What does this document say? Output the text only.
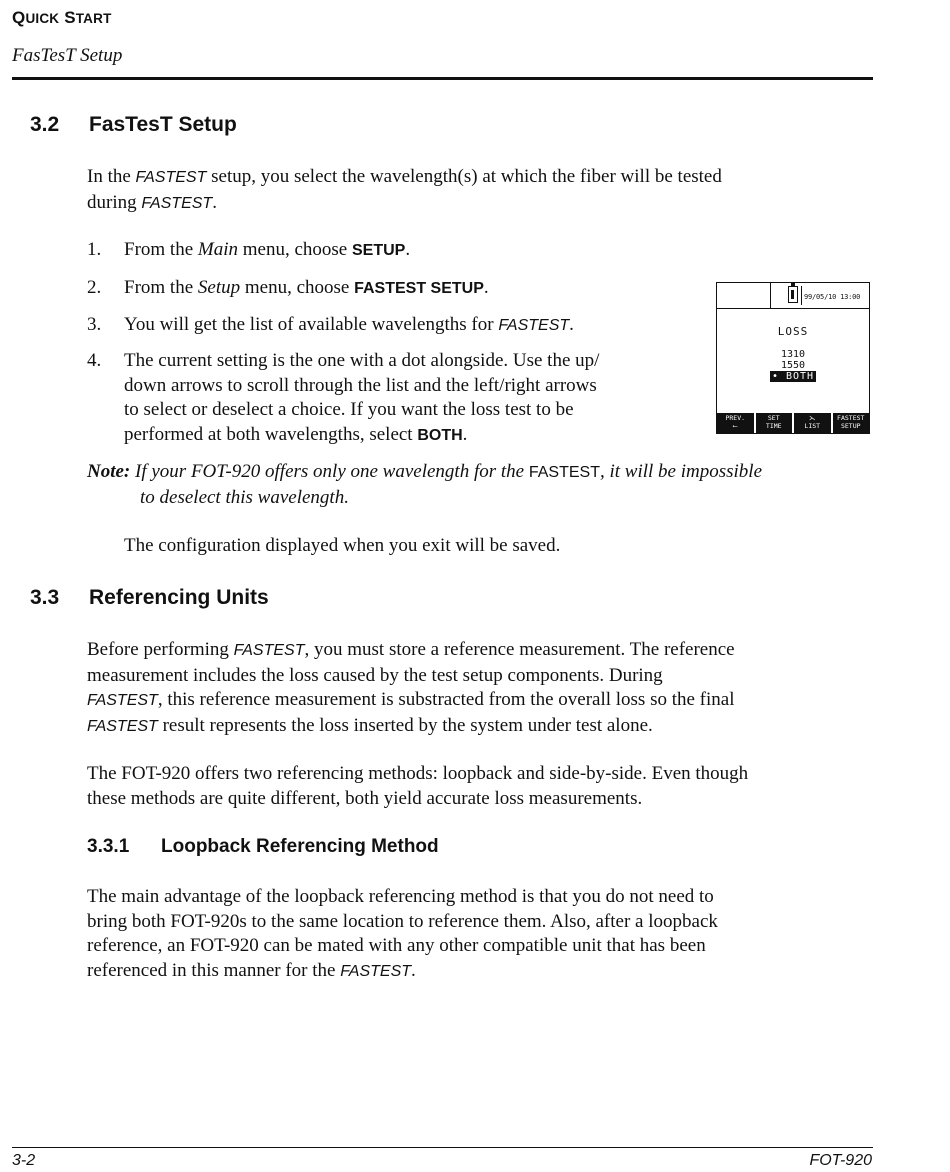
QUICK START
FasTesT Setup
3.2 FasTesT Setup
In the FASTEST setup, you select the wavelength(s) at which the fiber will be tested
during FASTEST.
1. From the Main menu, choose SETUP.
2. From the Setup menu, choose FASTEST SETUP.
3. You will get the list of available wavelengths for FASTEST.
4. The current setting is the one with a dot alongside. Use the up/
down arrows to scroll through the list and the left/right arrows
to select or deselect a choice. If you want the loss test to be
performed at both wavelengths, select BOTH.
99/05/10 13:00
LOSS
1310
1550
• BOTH
PREV.
⟵
SET
TIME
⋋
LIST
FASTEST
SETUP
Note: If your FOT-920 offers only one wavelength for the FASTEST, it will be impossible
to deselect this wavelength.
The configuration displayed when you exit will be saved.
3.3 Referencing Units
Before performing FASTEST, you must store a reference measurement. The reference
measurement includes the loss caused by the test setup components. During
FASTEST, this reference measurement is substracted from the overall loss so the final
FASTEST result represents the loss inserted by the system under test alone.
The FOT-920 offers two referencing methods: loopback and side-by-side. Even though
these methods are quite different, both yield accurate loss measurements.
3.3.1 Loopback Referencing Method
The main advantage of the loopback referencing method is that you do not need to
bring both FOT-920s to the same location to reference them. Also, after a loopback
reference, an FOT-920 can be mated with any other compatible unit that has been
referenced in this manner for the FASTEST.
3-2	FOT-920
